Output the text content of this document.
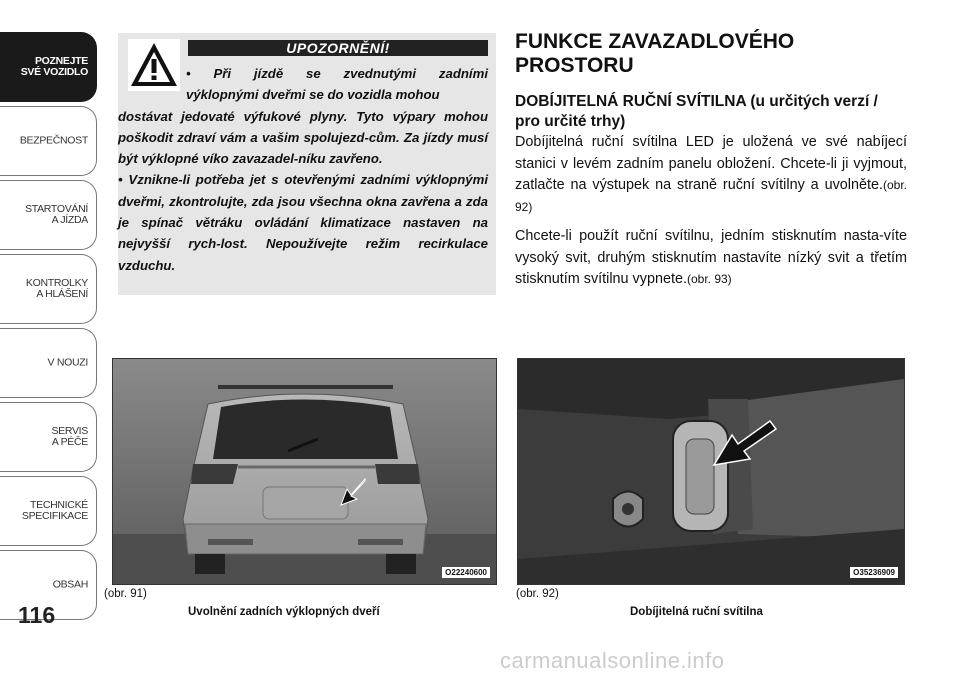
POZNEJTE
SVÉ VOZIDLO
BEZPEČNOST
STARTOVÁNÍ
A JÍZDA
KONTROLKY
A HLÁŠENÍ
V NOUZI
SERVIS
A PÉČE
TECHNICKÉ
SPECIFIKACE
OBSAH
116
UPOZORNĚNÍ!

• Při jízdě se zvednutými zadními

výklopnými dveřmi se do vozidla mohou

dostávat jedovaté výfukové plyny. Tyto výpary mohou poškodit zdraví vám a vašim spolujezd-cům. Za jízdy musí být výklopné víko zavazadel-níku zavřeno.

• Vznikne-li potřeba jet s otevřenými zadními výklopnými dveřmi, zkontrolujte, zda jsou všechna okna zavřena a zda je spínač větráku ovládání klimatizace nastaven na nejvyšší rych-lost. Nepoužívejte režim recirkulace vzduchu.

FUNKCE ZAVAZADLOVÉHO PROSTORU
DOBÍJITELNÁ RUČNÍ SVÍTILNA (u určitých verzí / pro určité trhy)

Dobíjitelná ruční svítilna LED je uložená ve své nabíjecí stanici v levém zadním panelu obložení. Chcete-li ji vyjmout, zatlačte na výstupek na straně ruční svítilny a uvolněte.(obr. 92)

Chcete-li použít ruční svítilnu, jedním stisknutím nasta-víte vysoký svit, druhým stisknutím nastavíte nízký svit a třetím stisknutím svítilnu vypnete.(obr. 93)

O22240600	O35236909
(obr. 91)
Uvolnění zadních výklopných dveří
(obr. 92)
Dobíjitelná ruční svítilna
carmanualsonline.info
